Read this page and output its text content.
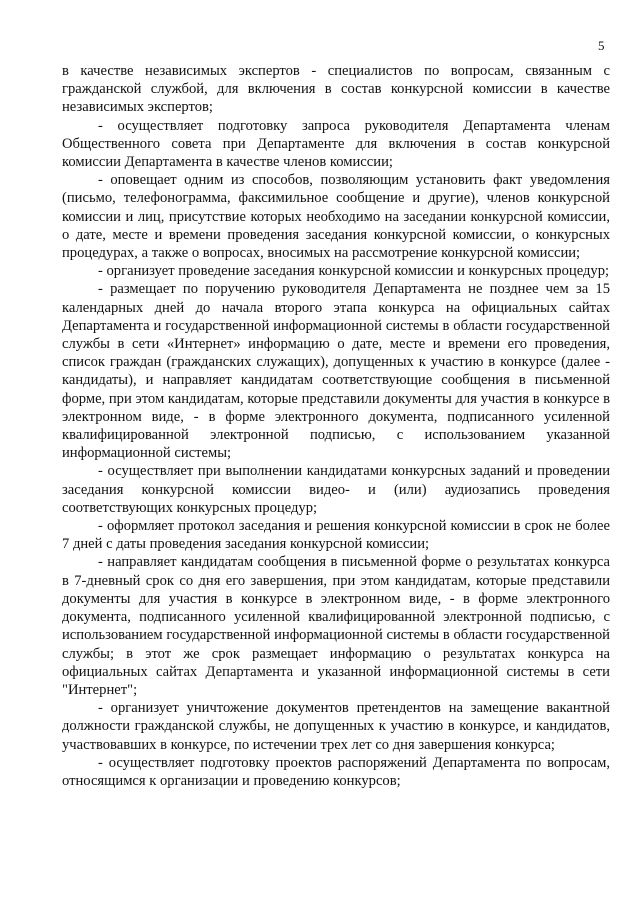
5

в качестве независимых экспертов - специалистов по вопросам, связанным с гражданской службой, для включения в состав конкурсной комиссии в качестве независимых экспертов;

- осуществляет подготовку запроса руководителя Департамента членам Общественного совета при Департаменте для включения в состав конкурсной комиссии Департамента в качестве членов комиссии;

- оповещает одним из способов, позволяющим установить факт уведомления (письмо, телефонограмма, факсимильное сообщение и другие), членов конкурсной комиссии и лиц, присутствие которых необходимо на заседании конкурсной комиссии, о дате, месте и времени проведения заседания конкурсной комиссии, о конкурсных процедурах, а также о вопросах, вносимых на рассмотрение конкурсной комиссии;

- организует проведение заседания конкурсной комиссии и конкурсных процедур;

- размещает по поручению руководителя Департамента не позднее чем за 15 календарных дней до начала второго этапа конкурса на официальных сайтах Департамента и государственной информационной системы в области государственной службы в сети «Интернет» информацию о дате, месте и времени его проведения, список граждан (гражданских служащих), допущенных к участию в конкурсе (далее - кандидаты), и направляет кандидатам соответствующие сообщения в письменной форме, при этом кандидатам, которые представили документы для участия в конкурсе в электронном виде, - в форме электронного документа, подписанного усиленной квалифицированной электронной подписью, с использованием указанной информационной системы;

- осуществляет при выполнении кандидатами конкурсных заданий и проведении заседания конкурсной комиссии видео- и (или) аудиозапись проведения соответствующих конкурсных процедур;

- оформляет протокол заседания и решения конкурсной комиссии в срок не более 7 дней с даты проведения заседания конкурсной комиссии;

- направляет кандидатам сообщения в письменной форме о результатах конкурса в 7-дневный срок со дня его завершения, при этом кандидатам, которые представили документы для участия в конкурсе в электронном виде, - в форме электронного документа, подписанного усиленной квалифицированной электронной подписью, с использованием государственной информационной системы в области государственной службы; в этот же срок размещает информацию о результатах конкурса на официальных сайтах Департамента и указанной информационной системы в сети "Интернет";

- организует уничтожение документов претендентов на замещение вакантной должности гражданской службы, не допущенных к участию в конкурсе, и кандидатов, участвовавших в конкурсе, по истечении трех лет со дня завершения конкурса;

- осуществляет подготовку проектов распоряжений Департамента по вопросам, относящимся к организации и проведению конкурсов;
